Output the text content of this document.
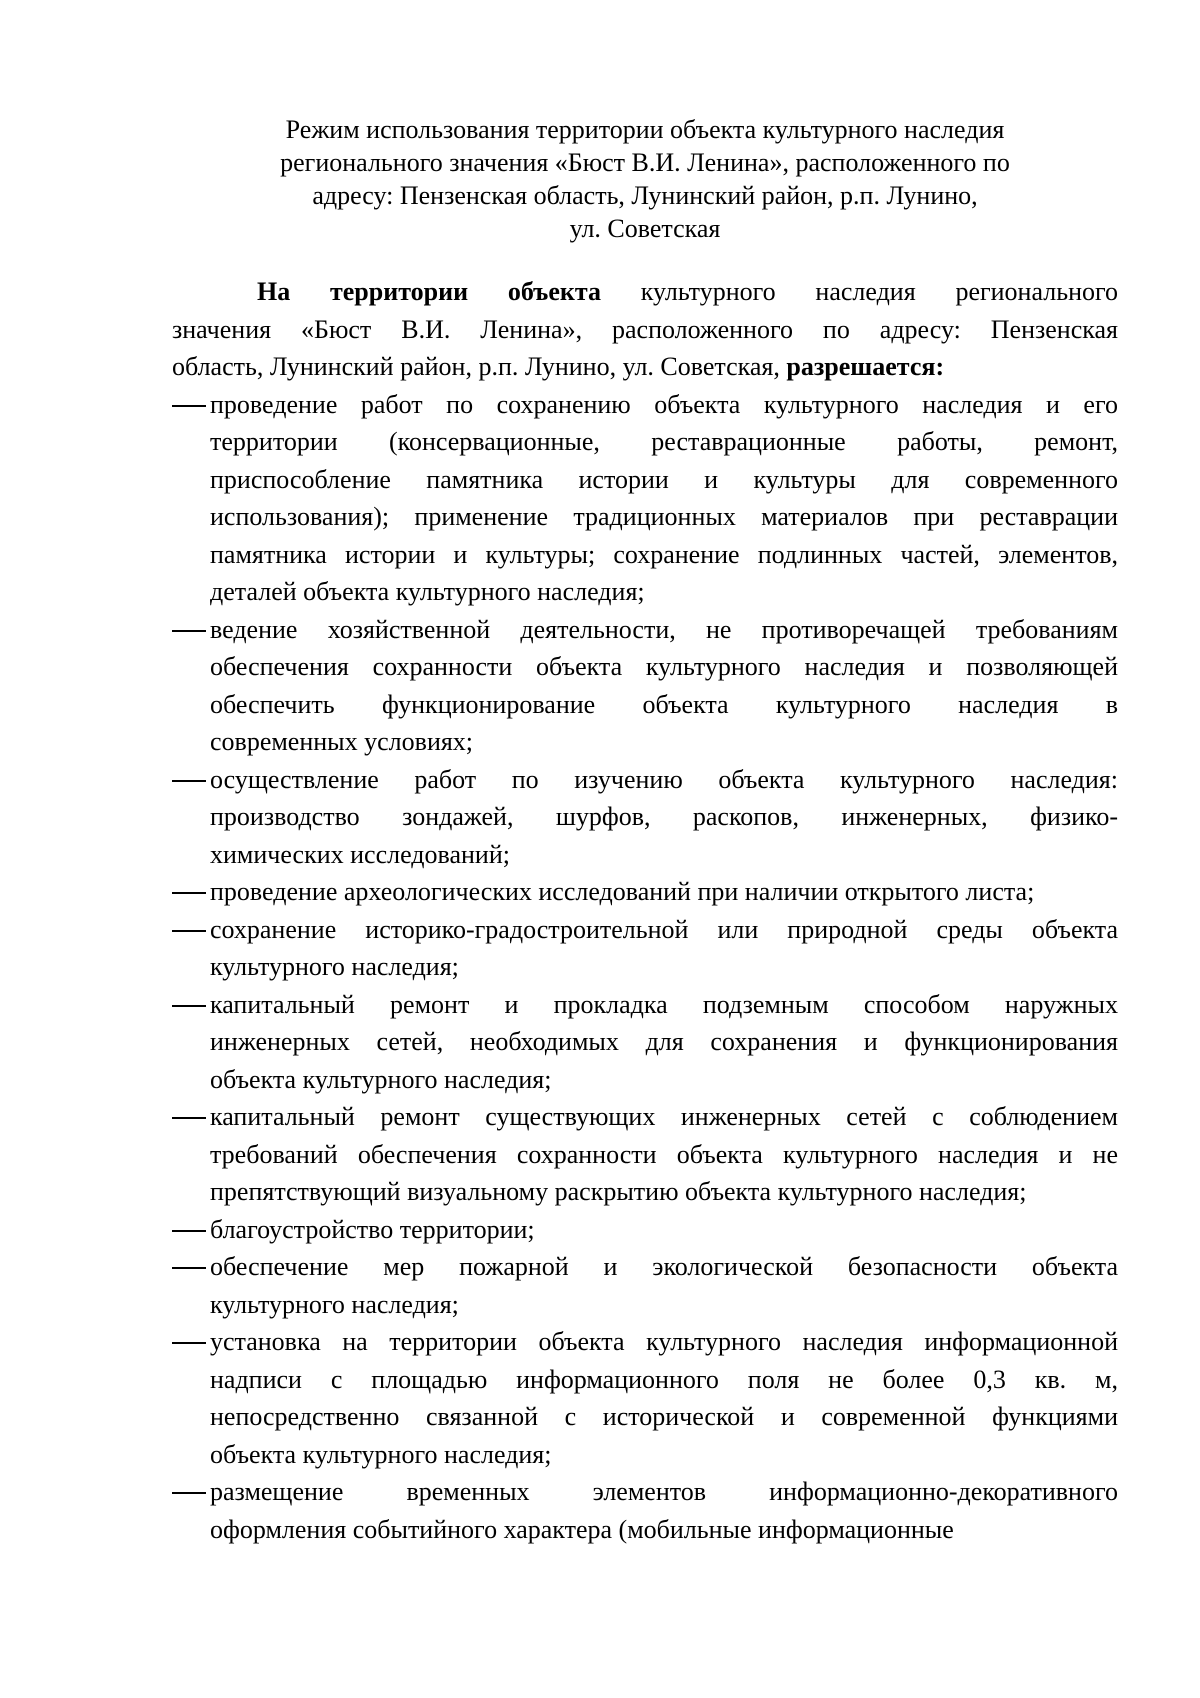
Режим использования территории объекта культурного наследия
регионального значения «Бюст В.И. Ленина», расположенного по
адресу: Пензенская область, Лунинский район, р.п. Лунино,
ул. Советская
На территории объекта культурного наследия регионального
значения «Бюст В.И. Ленина», расположенного по адресу: Пензенская
область, Лунинский район, р.п. Лунино, ул. Советская, разрешается:
проведение работ по сохранению объекта культурного наследия и его
территории (консервационные, реставрационные работы, ремонт,
приспособление памятника истории и культуры для современного
использования); применение традиционных материалов при реставрации
памятника истории и культуры; сохранение подлинных частей, элементов,
деталей объекта культурного наследия;
ведение хозяйственной деятельности, не противоречащей требованиям
обеспечения сохранности объекта культурного наследия и позволяющей
обеспечить функционирование объекта культурного наследия в
современных условиях;
осуществление работ по изучению объекта культурного наследия:
производство зондажей, шурфов, раскопов, инженерных, физико-
химических исследований;
проведение археологических исследований при наличии открытого листа;
сохранение историко-градостроительной или природной среды объекта
культурного наследия;
капитальный ремонт и прокладка подземным способом наружных
инженерных сетей, необходимых для сохранения и функционирования
объекта культурного наследия;
капитальный ремонт существующих инженерных сетей с соблюдением
требований обеспечения сохранности объекта культурного наследия и не
препятствующий визуальному раскрытию объекта культурного наследия;
благоустройство территории;
обеспечение мер пожарной и экологической безопасности объекта
культурного наследия;
установка на территории объекта культурного наследия информационной
надписи с площадью информационного поля не более 0,3 кв. м,
непосредственно связанной с исторической и современной функциями
объекта культурного наследия;
размещение временных элементов информационно-декоративного
оформления событийного характера (мобильные информационные
